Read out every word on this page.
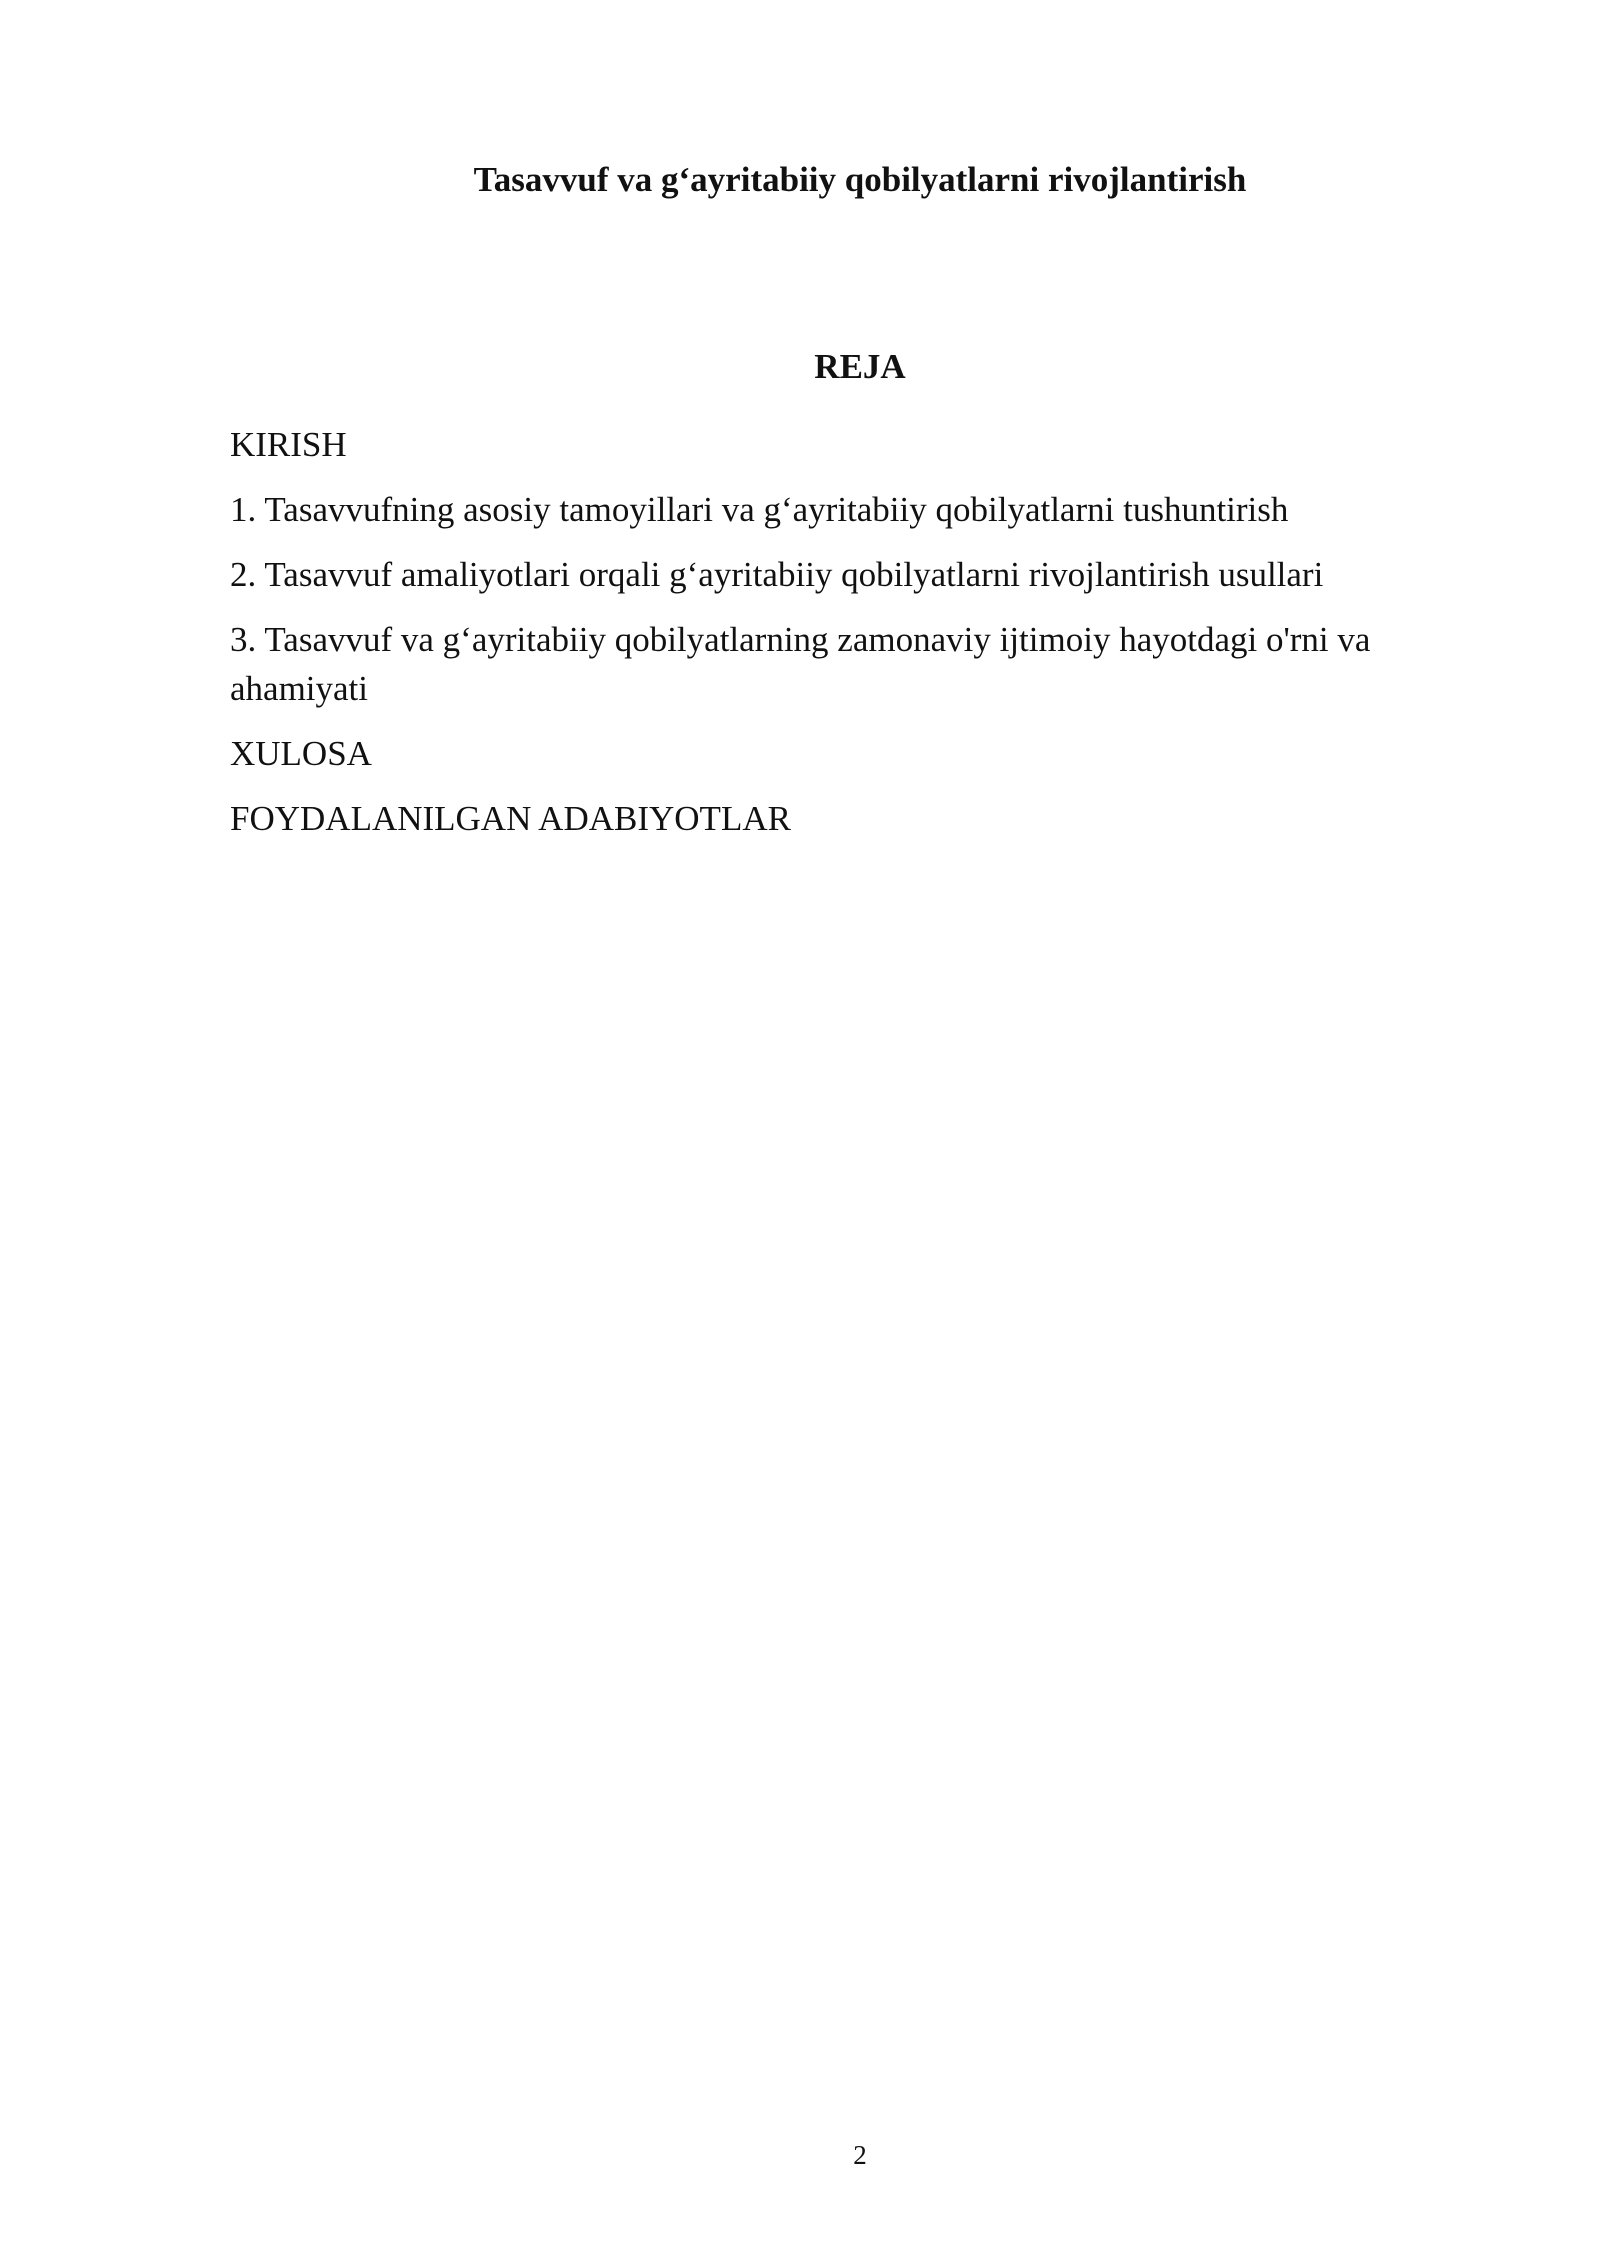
Tasavvuf va g‘ayritabiiy qobilyatlarni rivojlantirish
REJA
KIRISH
1. Tasavvufning asosiy tamoyillari va g‘ayritabiiy qobilyatlarni tushuntirish
2. Tasavvuf amaliyotlari orqali g‘ayritabiiy qobilyatlarni rivojlantirish usullari
3. Tasavvuf va g‘ayritabiiy qobilyatlarning zamonaviy ijtimoiy hayotdagi o'rni va ahamiyati
XULOSA
FOYDALANILGAN ADABIYOTLAR
2
